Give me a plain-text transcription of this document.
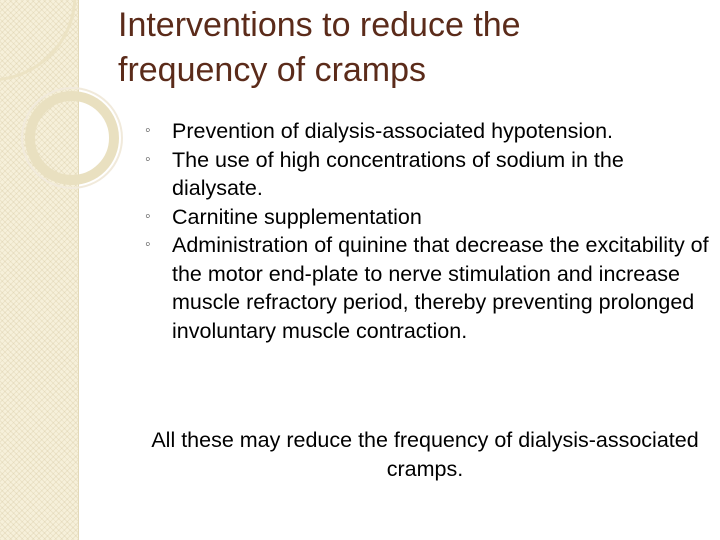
Interventions to reduce the frequency of cramps
◦ Prevention of dialysis-associated hypotension.
◦ The use of high concentrations of sodium in the dialysate.
◦ Carnitine supplementation
◦ Administration of quinine that decrease the excitability of the motor end-plate to nerve stimulation and increase muscle refractory period, thereby preventing prolonged involuntary muscle contraction.

All these may reduce the frequency of dialysis-associated cramps.
